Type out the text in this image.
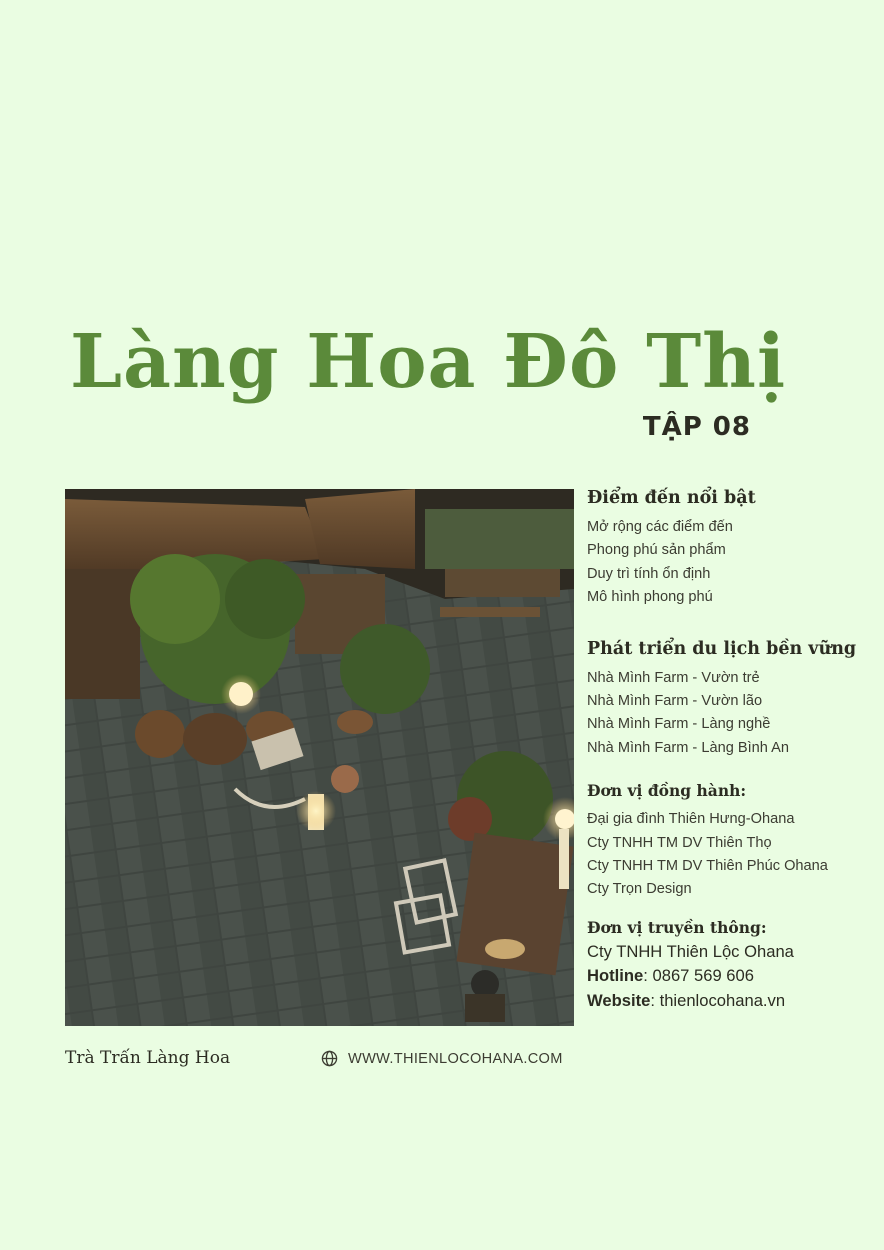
Làng Hoa Đô Thị
TẬP 08
Điểm đến nổi bật
Mở rộng các điểm đến
Phong phú sản phẩm
Duy trì tính ổn định
Mô hình phong phú
Phát triển du lịch bền vững
Nhà Mình Farm - Vườn trẻ
Nhà Mình Farm - Vườn lão
Nhà Mình Farm - Làng nghề
Nhà Mình Farm - Làng Bình An
Đơn vị đồng hành:
Đại gia đình Thiên Hưng-Ohana
Cty TNHH TM DV Thiên Thọ
Cty TNHH TM DV Thiên Phúc Ohana
Cty Trọn Design
Đơn vị truyền thông:
Cty TNHH Thiên Lộc Ohana
Hotline: 0867 569 606
Website: thienlocohana.vn
Trà Trấn Làng Hoa	WWW.THIENLOCOHANA.COM
